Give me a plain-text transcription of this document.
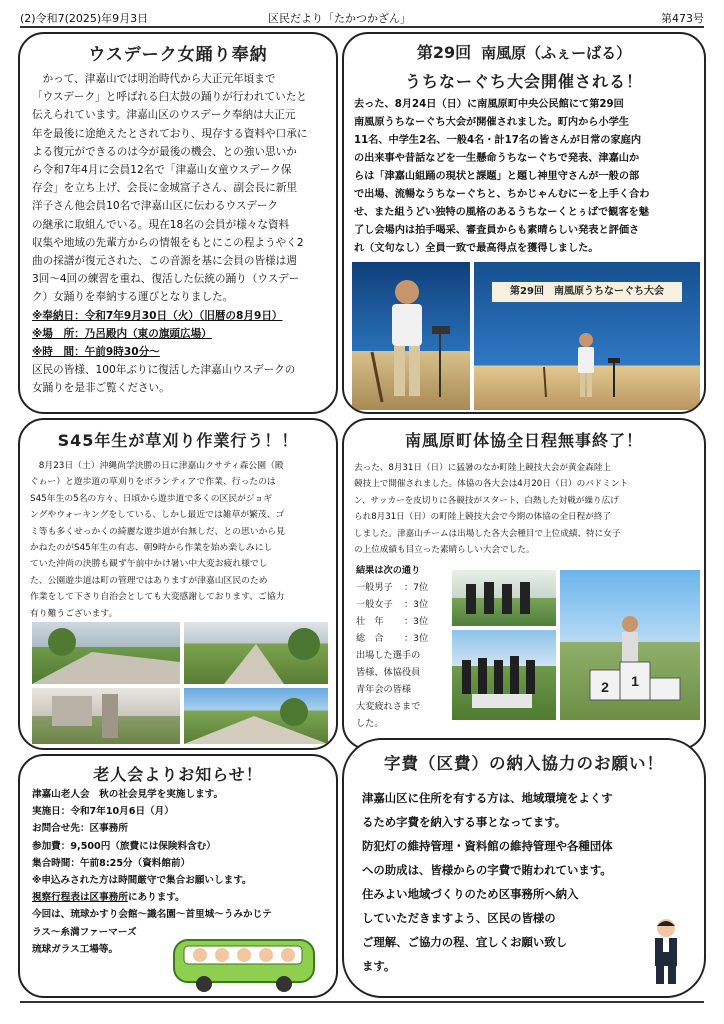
(2)令和7(2025)年9月3日	区民だより「たかつかざん」	第473号
ウスデーク女踊り奉納
　かって、津嘉山では明治時代から大正元年頃まで
「ウスデーク」と呼ばれる臼太鼓の踊りが行われていたと
伝えられています。津嘉山区のウスデーク奉納は大正元
年を最後に途絶えたとされており、現存する資料や口承に
よる復元ができるのは今が最後の機会、との強い思いか
ら令和7年4月に会員12名で「津嘉山女童ウスデーク保
存会」を立ち上げ、会長に金城富子さん、副会長に新里
洋子さん他会員10名で津嘉山区に伝わるウスデーク
の継承に取組んでいる。現在18名の会員が様々な資料
収集や地域の先輩方からの情報をもとにこの程ようやく2
曲の採譜が復元された、この音源を基に会員の皆様は週
3回～4回の練習を重ね、復活した伝統の踊り（ウスデー
ク）女踊りを奉納する運びとなりました。
※奉納日：令和7年9月30日（火）（旧暦の8月9日）
※場　所：乃呂殿内（東の旗頭広場）
※時　間：午前9時30分～
区民の皆様、100年ぶりに復活した津嘉山ウスデークの
女踊りを是非ご覧ください。
第29回 南風原（ふぇーばる）
うちなーぐち大会開催される！
去った、8月24日（日）に南風原町中央公民館にて第29回
南風原うちなーぐち大会が開催されました。町内から小学生
11名、中学生2名、一般4名・計17名の皆さんが日常の家庭内
の出来事や昔話などを一生懸命うちなーぐちで発表、津嘉山か
らは「津嘉山組踊の現状と課題」と題し神里守さんが一般の部
で出場、流暢なうちなーぐちと、ちかじゃんむにーを上手く合わ
せ、また組うどい独特の風格のあるうちなーくとぅばで観客を魅
了し会場内は拍手喝采、審査員からも素晴らしい発表と評価さ
れ（文句なし）全員一致で最高得点を獲得しました。
第29回　南風原うちなーぐち大会
S45年生が草刈り作業行う！！
　8月23日（土）沖縄尚学決勝の日に津嘉山クサティ森公園（殿
ぐゎー）と遊歩道の草刈りをボランティアで作業、行ったのは
S45年生の5名の方々、日頃から遊歩道で多くの区民がジョギ
ングやウォーキングをしている、しかし最近では雑草が繁茂、ゴ
ミ等も多くせっかくの綺麗な遊歩道が台無しだ、との思いから見
かねたのがS45年生の有志、朝9時から作業を始め楽しみにし
ていた沖尚の決勝も観ず午前中かけ暑い中大変お疲れ様でし
た、公園遊歩道は町の管理ではありますが津嘉山区民のため
作業をして下さり自治会としても大変感謝しております、ご協力
有り難うございます。
南風原町体協全日程無事終了！
去った、8月31日（日）に猛暑のなか町陸上競技大会が黄金森陸上
競技上で開催されました。体協の各大会は4月20日（日）のバドミント
ン、サッカーを皮切りに各競技がスタート、白熱した対戦が繰り広げ
られ8月31日（日）の町陸上競技大会で今期の体協の全日程が終了
しました。津嘉山チームは出場した各大会種目で上位成績、特に女子
の上位成績も目立った素晴らしい大会でした。
結果は次の通り
一般男子 ：7位
一般女子 ：3位
壮　年 ：3位
総　合 ：3位
出場した選手の
皆様、体協役員
青年会の皆様
大変疲れさまで
した。
2 1
老人会よりお知らせ！
津嘉山老人会　秋の社会見学を実施します。
実施日：令和7年10月6日（月）
お問合せ先：区事務所
参加費：9,500円（旅費には保険料含む）
集合時間：午前8:25分（資料館前）
※申込みされた方は時間厳守で集合お願いします。
視察行程表は区事務所にあります。
今回は、琉球かすり会館～識名園～首里城～うみかじテ
ラス～糸満ファーマーズ
琉球ガラス工場等。
字費（区費）の納入協力のお願い！
津嘉山区に住所を有する方は、地域環境をよくす
るため字費を納入する事となってます。
防犯灯の維持管理・資料館の維持管理や各種団体
への助成は、皆様からの字費で賄われています。
住みよい地域づくりのため区事務所へ納入
していただきますよう、区民の皆様の
ご理解、ご協力の程、宜しくお願い致し
ます。
